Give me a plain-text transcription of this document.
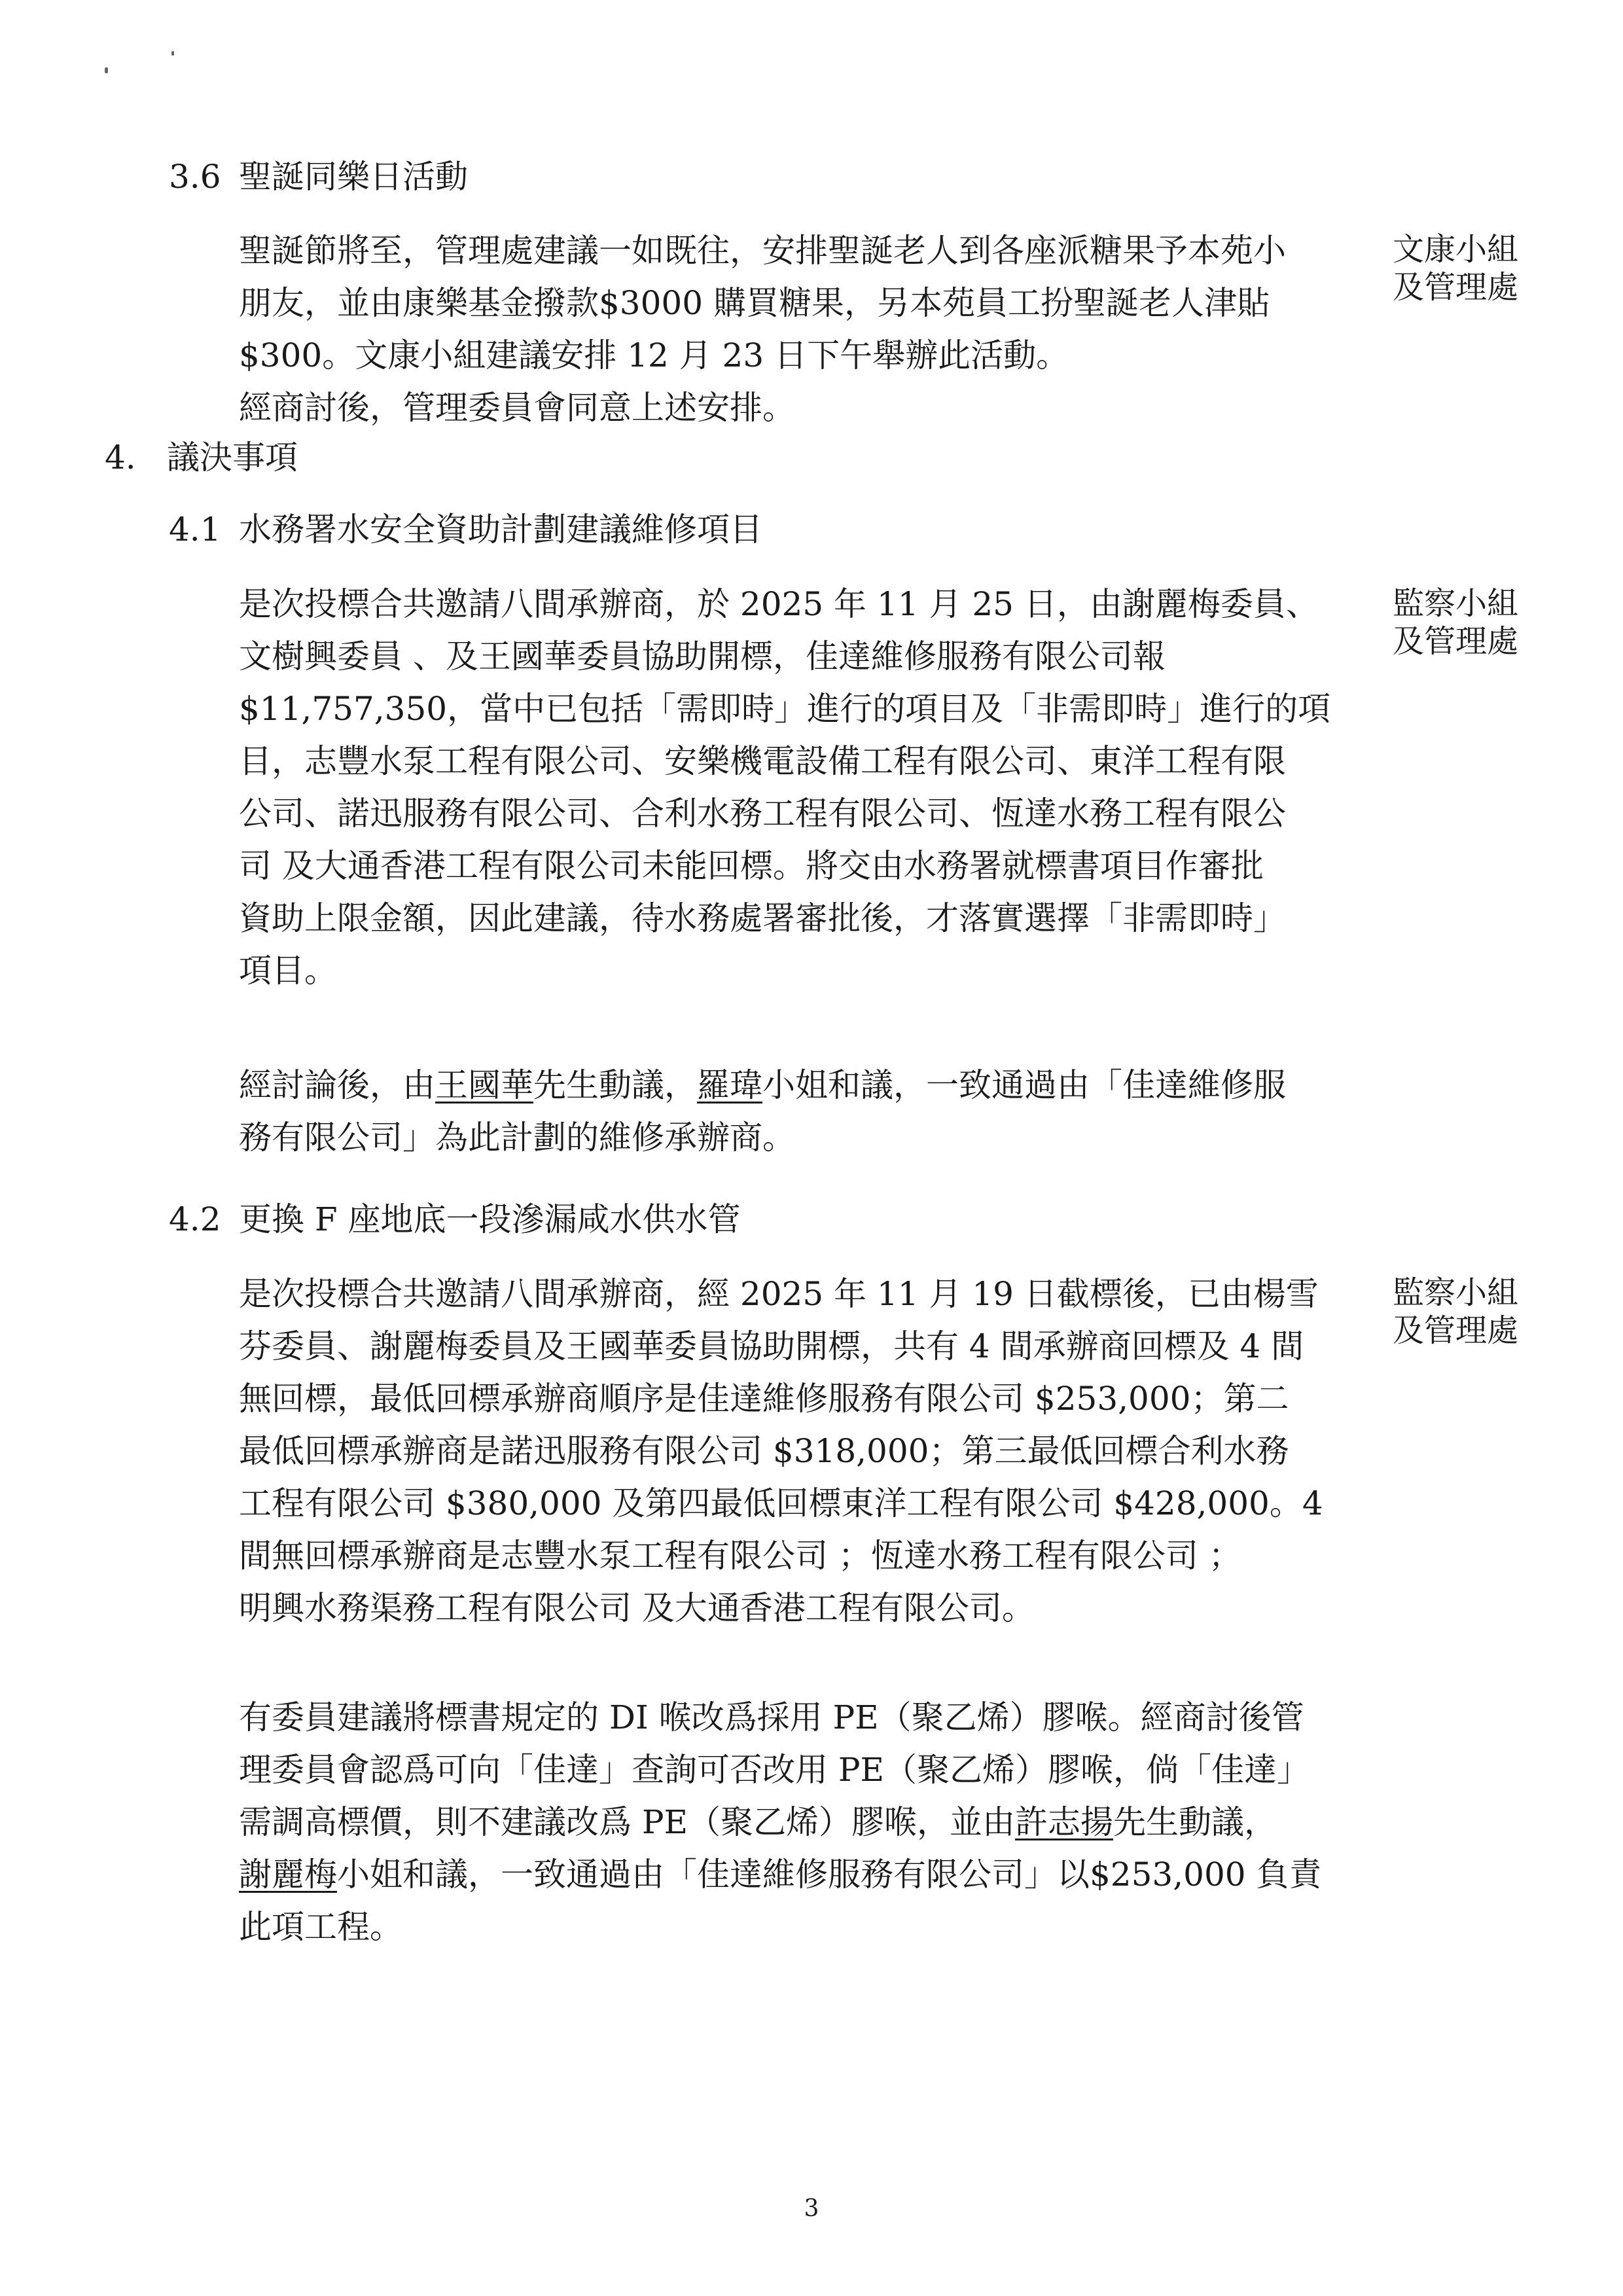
3.6 聖誕同樂日活動
聖誕節將至，管理處建議一如既往，安排聖誕老人到各座派糖果予本苑小
朋友，並由康樂基金撥款$3000 購買糖果，另本苑員工扮聖誕老人津貼
$300。文康小組建議安排 12 月 23 日下午舉辦此活動。
經商討後，管理委員會同意上述安排。
文康小組
及管理處
4. 議決事項
4.1 水務署水安全資助計劃建議維修項目
是次投標合共邀請八間承辦商，於 2025 年 11 月 25 日，由謝麗梅委員、
文樹興委員 、及王國華委員協助開標，佳達維修服務有限公司報
$11,757,350，當中已包括「需即時」進行的項目及「非需即時」進行的項
目，志豐水泵工程有限公司、安樂機電設備工程有限公司、東洋工程有限
公司、諾迅服務有限公司、合利水務工程有限公司、恆達水務工程有限公
司 及大通香港工程有限公司未能回標。將交由水務署就標書項目作審批
資助上限金額，因此建議，待水務處署審批後，才落實選擇「非需即時」
項目。
經討論後，由王國華先生動議，羅瑋小姐和議，一致通過由「佳達維修服
務有限公司」為此計劃的維修承辦商。
監察小組
及管理處
4.2 更換 F 座地底一段滲漏咸水供水管
是次投標合共邀請八間承辦商，經 2025 年 11 月 19 日截標後，已由楊雪
芬委員、謝麗梅委員及王國華委員協助開標，共有 4 間承辦商回標及 4 間
無回標，最低回標承辦商順序是佳達維修服務有限公司 $253,000；第二
最低回標承辦商是諾迅服務有限公司 $318,000；第三最低回標合利水務
工程有限公司 $380,000 及第四最低回標東洋工程有限公司 $428,000。4
間無回標承辦商是志豐水泵工程有限公司 ；恆達水務工程有限公司 ；
明興水務渠務工程有限公司 及大通香港工程有限公司。
有委員建議將標書規定的 DI 喉改爲採用 PE（聚乙烯）膠喉。經商討後管
理委員會認爲可向「佳達」查詢可否改用 PE（聚乙烯）膠喉，倘「佳達」
需調高標價，則不建議改爲 PE（聚乙烯）膠喉，並由許志揚先生動議，
謝麗梅小姐和議，一致通過由「佳達維修服務有限公司」以$253,000 負責
此項工程。
監察小組
及管理處
3
